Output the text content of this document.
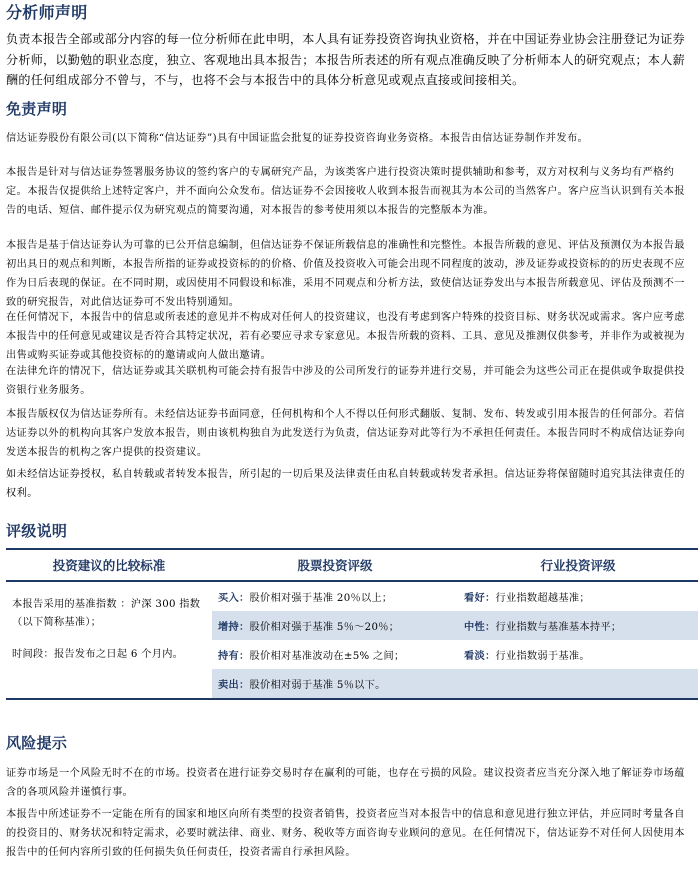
分析师声明

负责本报告全部或部分内容的每一位分析师在此申明，本人具有证券投资咨询执业资格，并在中国证券业协会注册登记为证券分析师，以勤勉的职业态度，独立、客观地出具本报告；本报告所表述的所有观点准确反映了分析师本人的研究观点；本人薪酬的任何组成部分不曾与，不与，也将不会与本报告中的具体分析意见或观点直接或间接相关。

免责声明

信达证券股份有限公司(以下简称“信达证券”)具有中国证监会批复的证券投资咨询业务资格。本报告由信达证券制作并发布。

本报告是针对与信达证券签署服务协议的签约客户的专属研究产品，为该类客户进行投资决策时提供辅助和参考，双方对权利与义务均有严格约定。本报告仅提供给上述特定客户，并不面向公众发布。信达证券不会因接收人收到本报告而视其为本公司的当然客户。客户应当认识到有关本报告的电话、短信、邮件提示仅为研究观点的简要沟通，对本报告的参考使用须以本报告的完整版本为准。

本报告是基于信达证券认为可靠的已公开信息编制，但信达证券不保证所载信息的准确性和完整性。本报告所载的意见、评估及预测仅为本报告最初出具日的观点和判断，本报告所指的证券或投资标的的价格、价值及投资收入可能会出现不同程度的波动，涉及证券或投资标的的历史表现不应作为日后表现的保证。在不同时期，或因使用不同假设和标准，采用不同观点和分析方法，致使信达证券发出与本报告所载意见、评估及预测不一致的研究报告，对此信达证券可不发出特别通知。

在任何情况下，本报告中的信息或所表述的意见并不构成对任何人的投资建议，也没有考虑到客户特殊的投资目标、财务状况或需求。客户应考虑本报告中的任何意见或建议是否符合其特定状况，若有必要应寻求专家意见。本报告所载的资料、工具、意见及推测仅供参考，并非作为或被视为出售或购买证券或其他投资标的的邀请或向人做出邀请。

在法律允许的情况下，信达证券或其关联机构可能会持有报告中涉及的公司所发行的证券并进行交易，并可能会为这些公司正在提供或争取提供投资银行业务服务。

本报告版权仅为信达证券所有。未经信达证券书面同意，任何机构和个人不得以任何形式翻版、复制、发布、转发或引用本报告的任何部分。若信达证券以外的机构向其客户发放本报告，则由该机构独自为此发送行为负责，信达证券对此等行为不承担任何责任。本报告同时不构成信达证券向发送本报告的机构之客户提供的投资建议。

如未经信达证券授权，私自转载或者转发本报告，所引起的一切后果及法律责任由私自转载或转发者承担。信达证券将保留随时追究其法律责任的权利。

评级说明
投资建议的比较标准	股票投资评级	行业投资评级

本报告采用的基准指数 ：沪深 300 指数（以下简称基准）；
时间段：报告发布之日起 6 个月内。	买入：股价相对强于基准 20％以上；	看好：行业指数超越基准；
	增持：股价相对强于基准 5％～20％；	中性：行业指数与基准基本持平；
	持有：股价相对基准波动在±5% 之间；	看淡：行业指数弱于基准。
	卖出：股价相对弱于基准 5％以下。	
风险提示

证券市场是一个风险无时不在的市场。投资者在进行证券交易时存在赢利的可能，也存在亏损的风险。建议投资者应当充分深入地了解证券市场蕴含的各项风险并谨慎行事。

本报告中所述证券不一定能在所有的国家和地区向所有类型的投资者销售，投资者应当对本报告中的信息和意见进行独立评估，并应同时考量各自的投资目的、财务状况和特定需求，必要时就法律、商业、财务、税收等方面咨询专业顾问的意见。在任何情况下，信达证券不对任何人因使用本报告中的任何内容所引致的任何损失负任何责任，投资者需自行承担风险。
